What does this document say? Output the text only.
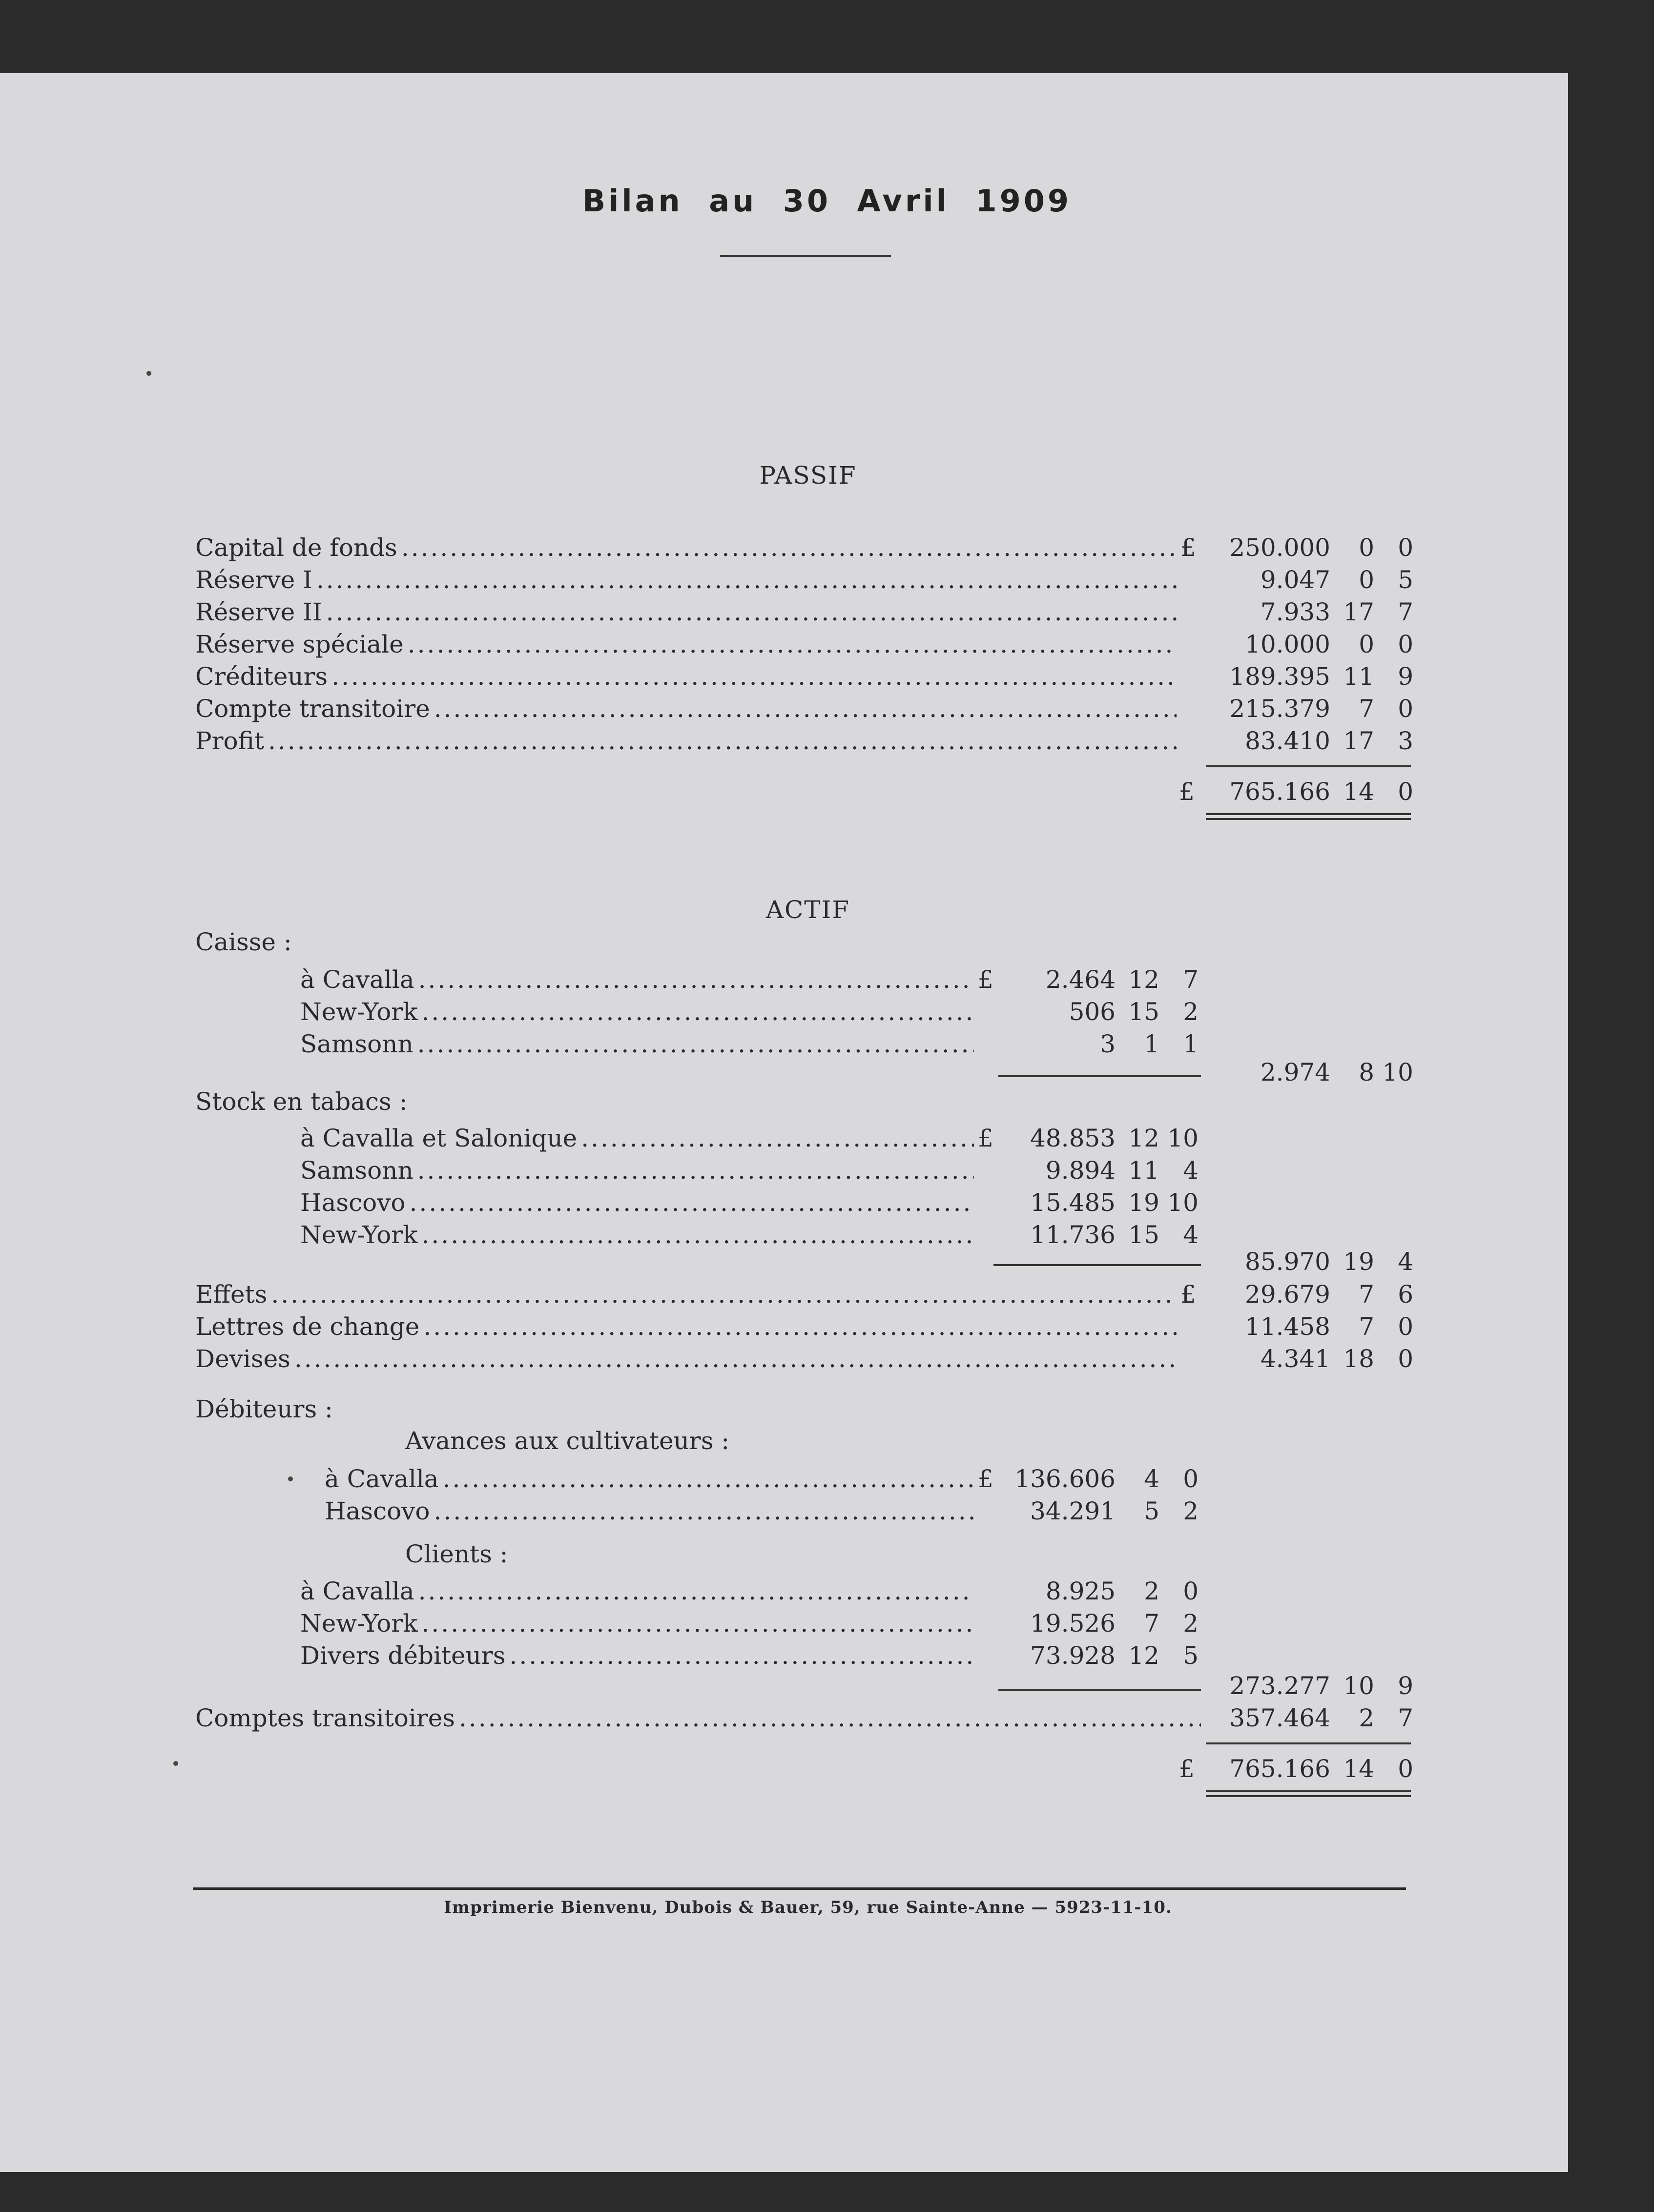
Bilan au 30 Avril 1909
PASSIF
Capital de fonds .....	£	250.000	0 0
Réserve I .....	9.047	0 5
Réserve II .....	7.933 17 7
Réserve spéciale .....	10.000	0 0
Créditeurs .....	189.395 11 9
Compte transitoire .....	215.379	7 0
Profit .....	83.410 17 3
£	765.166 14 0
ACTIF
Caisse :
à Cavalla .....	£	2.464 12 7
New-York .....	506 15 2
Samsonn .....	3	1 1
2.974	8 10
Stock en tabacs :
à Cavalla et Salonique .....	£	48.853 12 10
Samsonn .....	9.894 11 4
Hascovo .....	15.485 19 10
New-York .....	11.736 15 4
85.970 19 4
Effets .....	£	29.679	7 6
Lettres de change .....	11.458	7 0
Devises .....	4.341 18 0
Débiteurs :
Avances aux cultivateurs :
à Cavalla .....	£ 136.606	4 0
Hascovo .....	34.291	5 2
Clients :
à Cavalla .....	8.925	2 0
New-York .....	19.526	7 2
Divers débiteurs .....	73.928 12 5
273.277 10 9
Comptes transitoires .....	357.464	2 7
£	765.166 14 0
Imprimerie Bienvenu, Dubois & Bauer, 59, rue Sainte-Anne — 5923-11-10.
